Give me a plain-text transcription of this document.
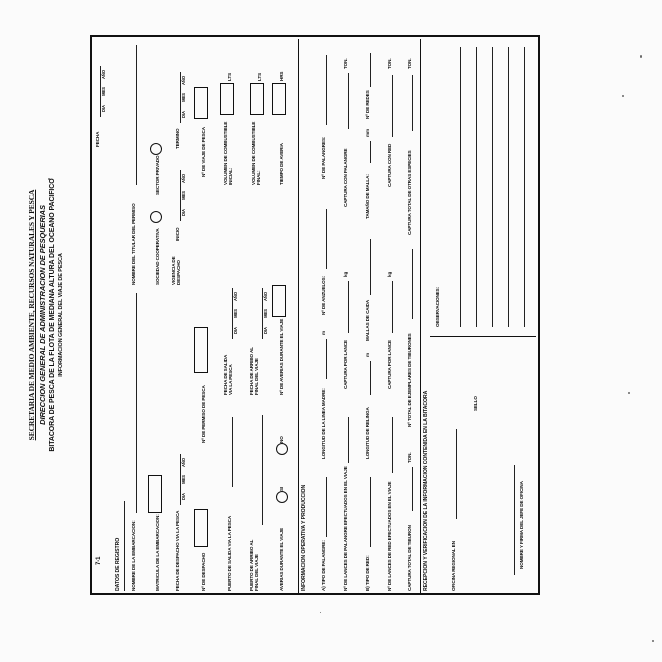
SECRETARIA DE MEDIO AMBIENTE, RECURSOS NATURALES Y PESCA DIRECCION GENERAL DE ADMINISTRACION DE PESQUERIAS BITACORA DE PESCA DE LA FLOTA DE MEDIANA ALTURA DEL OCEANO PACIFICO INFORMACION GENERAL DEL VIAJE DE PESCA
7-1
FECHA
DIAMESAÑO
DATOS DE REGISTRO NOMBRE DE LA EMBARCACION:
NOMBRE DEL TITULAR DEL PERMISO
MATRICULA DE LA EMBARCACION:
SOCIEDAD COOPERATIVA
SECTOR PRIVADO
FECHA DE DESPACHO VIA LA PESCA
DIAMESAÑO
VIGENCIA DE DESPACHO
INICIO
DIAMESAÑO
TERMINO
DIAMESAÑO
Nº DE DESPACHO
Nº DE PERMISO DE PESCA
Nº DE VIAJE DE PESCA
PUERTO DE SALIDA VIA LA PESCA
FECHA DE SALIDA VIA LA PESCA
DIAMESAÑO
VOLUMEN DE COMBUSTIBLE INICIAL:
LTS
PUERTO DE ARRIBO AL FINAL DEL VIAJE
FECHA DE ARRIBO AL FINAL DEL VIAJE
DIAMESAÑO
VOLUMEN DE COMBUSTIBLE FINAL:
LTS
AVERIAS DURANTE EL VIAJE
SI
NO
Nº DE AVERIAS DURANTE EL VIAJE
TIEMPO DE AVERIA
HRS
INFORMACION OPERATIVA Y PRODUCCION	A) TIPO DE PALANGRE:
LONGITUD DE LA LINEA MADRE:
m
Nº DE ANZUELOS:
Nº DE PALANGRES:
Nº DE LANCES DE PALANGRE EFECTUADOS EN EL VIAJE
CAPTURA POR LANCE
kg
CAPTURA CON PALANGRE
TON.
B) TIPO DE RED:
LONGITUD DE RELINGA
m
MALLAS DE CAIDA
TAMAÑO DE MALLA:
mm
Nº DE REDES
Nº DE LANCES DE RED EFECTUADOS EN EL VIAJE
CAPTURA POR LANCE
kg
CAPTURA CON RED
TON.
CAPTURA TOTAL DE TIBURON
TON.
Nº TOTAL DE EJEMPLARES DE TIBURONES
CAPTURA TOTAL DE OTRAS ESPECIES
TON.
RECEPCION Y VERIFICACION DE LA INFORMACION CONTENIDA EN LA BITACORA	OFICINA REGIONAL EN
OBSERVACIONES:
SELLO
NOMBRE Y FIRMA DEL JEFE DE OFICINA
